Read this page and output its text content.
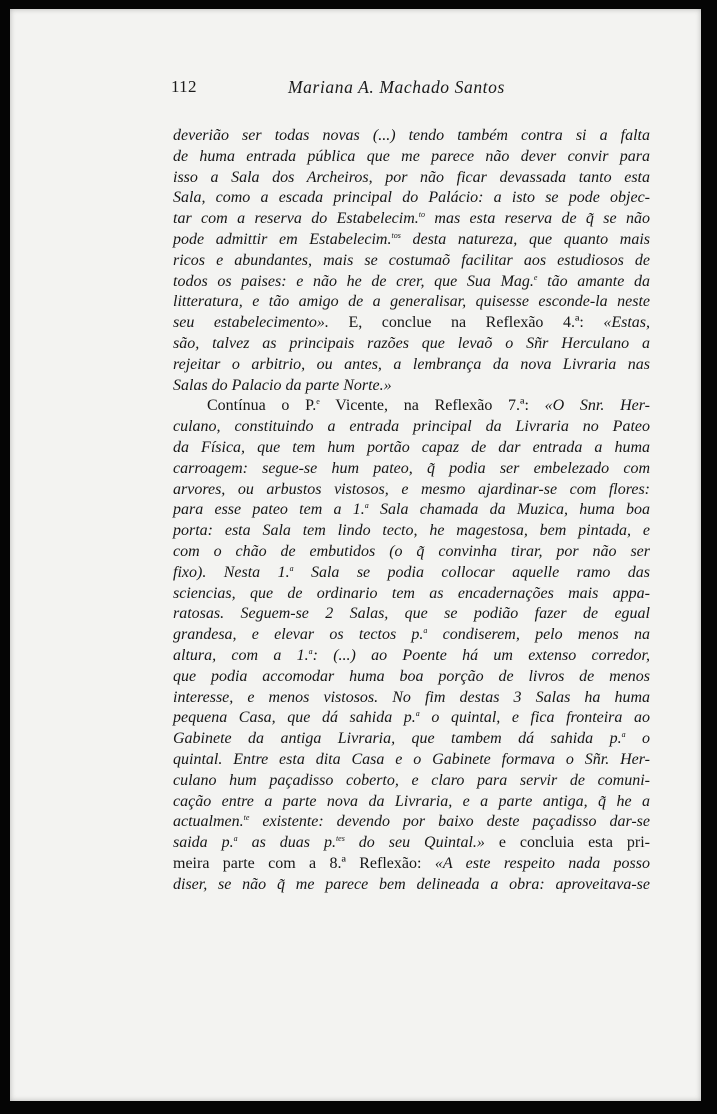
112	Mariana A. Machado Santos
deverião ser todas novas (...) tendo também contra si a falta
de huma entrada pública que me parece não dever convir para
isso a Sala dos Archeiros, por não ficar devassada tanto esta
Sala, como a escada principal do Palácio: a isto se pode objec-
tar com a reserva do Estabelecim.$^{to}$ mas esta reserva de q̃ se não
pode admittir em Estabelecim.$^{tos}$ desta natureza, que quanto mais
ricos e abundantes, mais se costumaõ facilitar aos estudiosos de
todos os paises: e não he de crer, que Sua Mag.$^e$ tão amante da
litteratura, e tão amigo de a generalisar, quisesse esconde-la neste
seu estabelecimento». E, conclue na Reflexão 4.ª: «Estas,
são, talvez as principais razões que levaõ o Sñr Herculano a
rejeitar o arbitrio, ou antes, a lembrança da nova Livraria nas
Salas do Palacio da parte Norte.»
Contínua o P.$^e$ Vicente, na Reflexão 7.ª: «O Snr. Her-
culano, constituindo a entrada principal da Livraria no Pateo
da Física, que tem hum portão capaz de dar entrada a huma
carroagem: segue-se hum pateo, q̃ podia ser embelezado com
arvores, ou arbustos vistosos, e mesmo ajardinar-se com flores:
para esse pateo tem a 1.$^a$ Sala chamada da Muzica, huma boa
porta: esta Sala tem lindo tecto, he magestosa, bem pintada, e
com o chão de embutidos (o q̃ convinha tirar, por não ser
fixo). Nesta 1.$^a$ Sala se podia collocar aquelle ramo das
sciencias, que de ordinario tem as encadernações mais appa-
ratosas. Seguem-se 2 Salas, que se podião fazer de egual
grandesa, e elevar os tectos p.$^a$ condiserem, pelo menos na
altura, com a 1.$^a$: (...) ao Poente há um extenso corredor,
que podia accomodar huma boa porção de livros de menos
interesse, e menos vistosos. No fim destas 3 Salas ha huma
pequena Casa, que dá sahida p.$^a$ o quintal, e fica fronteira ao
Gabinete da antiga Livraria, que tambem dá sahida p.$^a$ o
quintal. Entre esta dita Casa e o Gabinete formava o Sñr. Her-
culano hum paçadisso coberto, e claro para servir de comuni-
cação entre a parte nova da Livraria, e a parte antiga, q̃ he a
actualmen.$^{te}$ existente: devendo por baixo deste paçadisso dar-se
saida p.$^a$ as duas p.$^{tes}$ do seu Quintal.» e concluia esta pri-
meira parte com a 8.ª Reflexão: «A este respeito nada posso
diser, se não q̃ me parece bem delineada a obra: aproveitava-se
